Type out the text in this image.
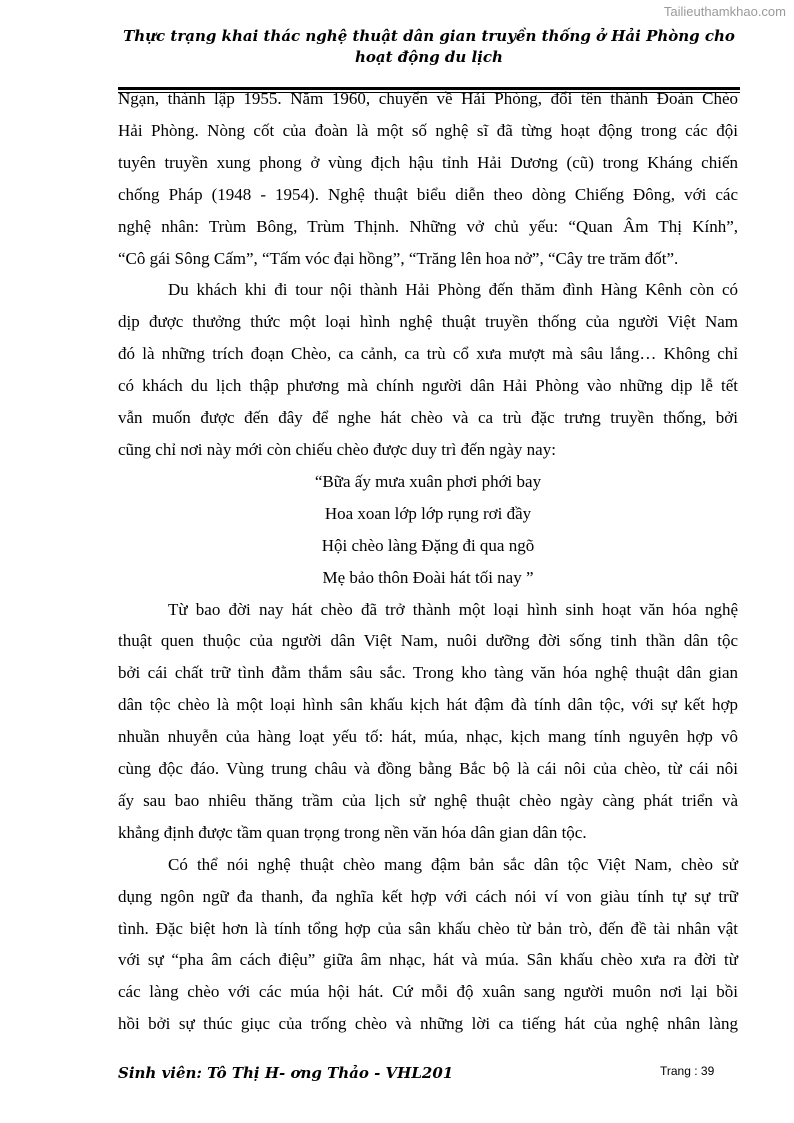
Tailieuthamkhao.com
Thực trạng khai thác nghệ thuật dân gian truyền thống ở Hải Phòng cho
hoạt động du lịch
Ngạn, thành lập 1955. Năm 1960, chuyển về Hải Phòng, đổi tên thành Đoàn Chèo
Hải Phòng. Nòng cốt của đoàn là một số nghệ sĩ đã từng hoạt động trong các đội
tuyên truyền xung phong ở vùng địch hậu tỉnh Hải Dương (cũ) trong Kháng chiến
chống Pháp (1948 - 1954). Nghệ thuật biểu diễn theo dòng Chiếng Đông, với các
nghệ nhân: Trùm Bông, Trùm Thịnh. Những vở chủ yếu: “Quan Âm Thị Kính”,
“Cô gái Sông Cấm”, “Tấm vóc đại hồng”, “Trăng lên hoa nở”, “Cây tre trăm đốt”.
Du khách khi đi tour nội thành Hải Phòng đến thăm đình Hàng Kênh còn có
dịp được thưởng thức một loại hình nghệ thuật truyền thống của người Việt Nam
đó là những trích đoạn Chèo, ca cảnh, ca trù cổ xưa mượt mà sâu lắng… Không chỉ
có khách du lịch thập phương mà chính người dân Hải Phòng vào những dịp lễ tết
vẫn muốn được đến đây để nghe hát chèo và ca trù đặc trưng truyền thống, bởi
cũng chỉ nơi này mới còn chiếu chèo được duy trì đến ngày nay:
“Bữa ấy mưa xuân phơi phới bay
Hoa xoan lớp lớp rụng rơi đầy
Hội chèo làng Đặng đi qua ngõ
Mẹ bảo thôn Đoài hát tối nay ”
Từ bao đời nay hát chèo đã trở thành một loại hình sinh hoạt văn hóa nghệ
thuật quen thuộc của người dân Việt Nam, nuôi dưỡng đời sống tinh thần dân tộc
bởi cái chất trữ tình đằm thắm sâu sắc. Trong kho tàng văn hóa nghệ thuật dân gian
dân tộc chèo là một loại hình sân khấu kịch hát đậm đà tính dân tộc, với sự kết hợp
nhuần nhuyễn của hàng loạt yếu tố: hát, múa, nhạc, kịch mang tính nguyên hợp vô
cùng độc đáo. Vùng trung châu và đồng bằng Bắc bộ là cái nôi của chèo, từ cái nôi
ấy sau bao nhiêu thăng trầm của lịch sử nghệ thuật chèo ngày càng phát triển và
khẳng định được tầm quan trọng trong nền văn hóa dân gian dân tộc.
Có thể nói nghệ thuật chèo mang đậm bản sắc dân tộc Việt Nam, chèo sử
dụng ngôn ngữ đa thanh, đa nghĩa kết hợp với cách nói ví von giàu tính tự sự trữ
tình. Đặc biệt hơn là tính tổng hợp của sân khấu chèo từ bản trò, đến đề tài nhân vật
với sự “pha âm cách điệu” giữa âm nhạc, hát và múa. Sân khấu chèo xưa ra đời từ
các làng chèo với các múa hội hát. Cứ mỗi độ xuân sang người muôn nơi lại bồi
hồi bởi sự thúc giục của trống chèo và những lời ca tiếng hát của nghệ nhân làng
Sinh viên: Tô Thị H- ơng Thảo - VHL201	Trang : 39
